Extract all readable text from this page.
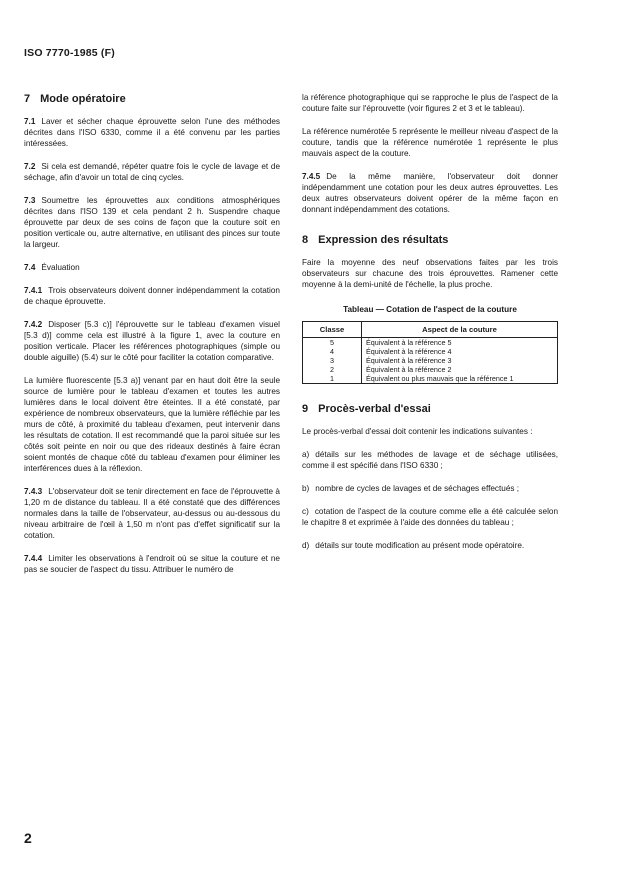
ISO 7770-1985 (F)
7 Mode opératoire

7.1 Laver et sécher chaque éprouvette selon l'une des méthodes décrites dans l'ISO 6330, comme il a été convenu par les parties intéressées.

7.2 Si cela est demandé, répéter quatre fois le cycle de lavage et de séchage, afin d'avoir un total de cinq cycles.

7.3 Soumettre les éprouvettes aux conditions atmosphériques décrites dans l'ISO 139 et cela pendant 2 h. Suspendre chaque éprouvette par deux de ses coins de façon que la couture soit en position verticale ou, autre alternative, en utilisant des pinces sur toute la largeur.

7.4 Évaluation

7.4.1 Trois observateurs doivent donner indépendamment la cotation de chaque éprouvette.

7.4.2 Disposer [5.3 c)] l'éprouvette sur le tableau d'examen visuel [5.3 d)] comme cela est illustré à la figure 1, avec la couture en position verticale. Placer les références photographiques (simple ou double aiguille) (5.4) sur le côté pour faciliter la cotation comparative.

La lumière fluorescente [5.3 a)] venant par en haut doit être la seule source de lumière pour le tableau d'examen et toutes les autres lumières dans le local doivent être éteintes. Il a été constaté, par expérience de nombreux observateurs, que la lumière réfléchie par les murs de côté, à proximité du tableau d'examen, peut intervenir dans les résultats de cotation. Il est recommandé que la paroi située sur les côtés soit peinte en noir ou que des rideaux destinés à faire écran soient montés de chaque côté du tableau d'examen pour éliminer les interférences dues à la réflexion.

7.4.3 L'observateur doit se tenir directement en face de l'éprouvette à 1,20 m de distance du tableau. Il a été constaté que des différences normales dans la taille de l'observateur, au-dessus ou au-dessous du niveau arbitraire de l'œil à 1,50 m n'ont pas d'effet significatif sur la cotation.

7.4.4 Limiter les observations à l'endroit où se situe la couture et ne pas se soucier de l'aspect du tissu. Attribuer le numéro de

la référence photographique qui se rapproche le plus de l'aspect de la couture faite sur l'éprouvette (voir figures 2 et 3 et le tableau).

La référence numérotée 5 représente le meilleur niveau d'aspect de la couture, tandis que la référence numérotée 1 représente le plus mauvais aspect de la couture.

7.4.5 De la même manière, l'observateur doit donner indépendamment une cotation pour les deux autres éprouvettes. Les deux autres observateurs doivent opérer de la même façon en donnant indépendamment des cotations.

8 Expression des résultats

Faire la moyenne des neuf observations faites par les trois observateurs sur chacune des trois éprouvettes. Ramener cette moyenne à la demi-unité de l'échelle, la plus proche.

Tableau — Cotation de l'aspect de la couture
Classe	Aspect de la couture
5	Équivalent à la référence 5
4	Équivalent à la référence 4
3	Équivalent à la référence 3
2	Équivalent à la référence 2
1	Équivalent ou plus mauvais que la référence 1
9 Procès-verbal d'essai

Le procès-verbal d'essai doit contenir les indications suivantes :

a) détails sur les méthodes de lavage et de séchage utilisées, comme il est spécifié dans l'ISO 6330 ;
b) nombre de cycles de lavages et de séchages effectués ;
c) cotation de l'aspect de la couture comme elle a été calculée selon le chapitre 8 et exprimée à l'aide des données du tableau ;
d) détails sur toute modification au présent mode opératoire.
2
